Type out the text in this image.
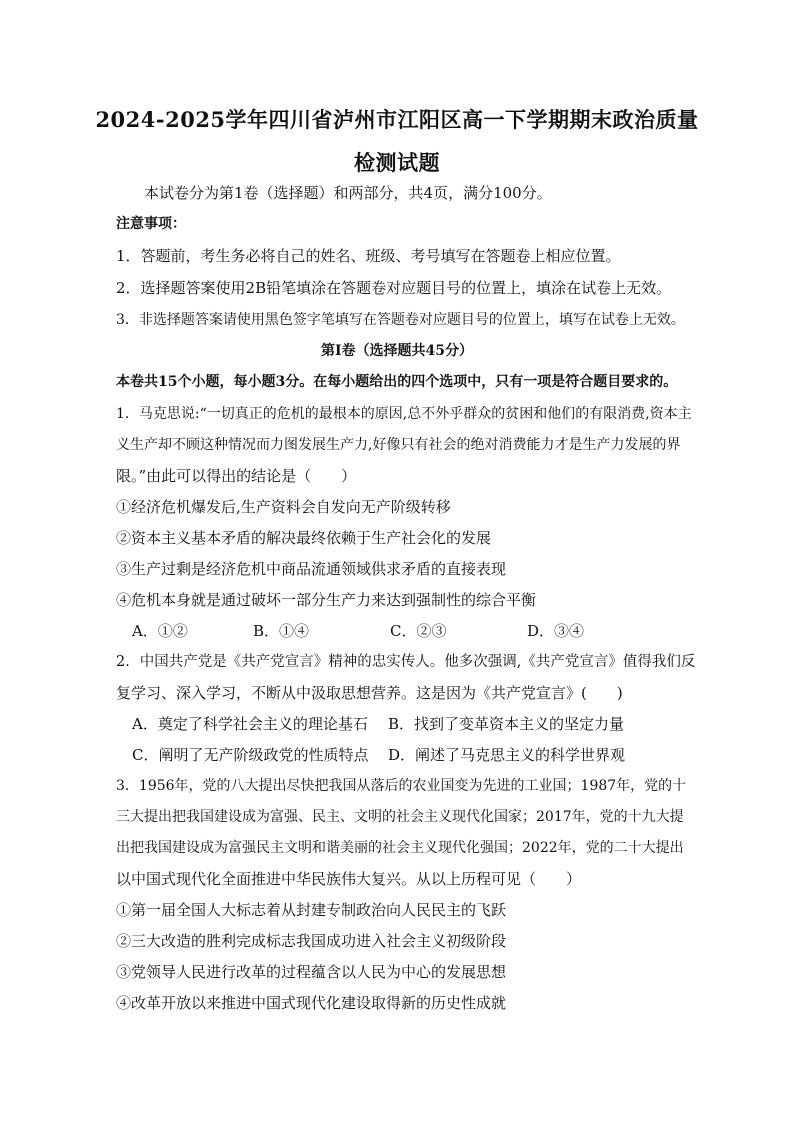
2024-2025学年四川省泸州市江阳区高一下学期期末政治质量
检测试题
本试卷分为第1卷（选择题）和两部分，共4页，满分100分。
注意事项：
1．答题前，考生务必将自己的姓名、班级、考号填写在答题卷上相应位置。
2．选择题答案使用2B铅笔填涂在答题卷对应题目号的位置上，填涂在试卷上无效。
3．非选择题答案请使用黑色签字笔填写在答题卷对应题目号的位置上，填写在试卷上无效。
第I卷（选择题共45分）
本卷共15个小题，每小题3分。在每小题给出的四个选项中，只有一项是符合题目要求的。
1．马克思说:“一切真正的危机的最根本的原因,总不外乎群众的贫困和他们的有限消费,资本主
义生产却不顾这种情况而力图发展生产力,好像只有社会的绝对消费能力才是生产力发展的界
限。”由此可以得出的结论是（　　）
①经济危机爆发后,生产资料会自发向无产阶级转移
②资本主义基本矛盾的解决最终依赖于生产社会化的发展
③生产过剩是经济危机中商品流通领域供求矛盾的直接表现
④危机本身就是通过破坏一部分生产力来达到强制性的综合平衡
A．①②	B．①④	C．②③	D．③④
2．中国共产党是《共产党宣言》精神的忠实传人。他多次强调,《共产党宣言》值得我们反
复学习、深入学习，不断从中汲取思想营养。这是因为《共产党宣言》(　　)
A．奠定了科学社会主义的理论基石 B．找到了变革资本主义的坚定力量
C．阐明了无产阶级政党的性质特点 D．阐述了马克思主义的科学世界观
3．1956年，党的八大提出尽快把我国从落后的农业国变为先进的工业国；1987年，党的十
三大提出把我国建设成为富强、民主、文明的社会主义现代化国家；2017年，党的十九大提
出把我国建设成为富强民主文明和谐美丽的社会主义现代化强国；2022年，党的二十大提出
以中国式现代化全面推进中华民族伟大复兴。从以上历程可见（　　）
①第一届全国人大标志着从封建专制政治向人民民主的飞跃
②三大改造的胜利完成标志我国成功进入社会主义初级阶段
③党领导人民进行改革的过程蕴含以人民为中心的发展思想
④改革开放以来推进中国式现代化建设取得新的历史性成就
